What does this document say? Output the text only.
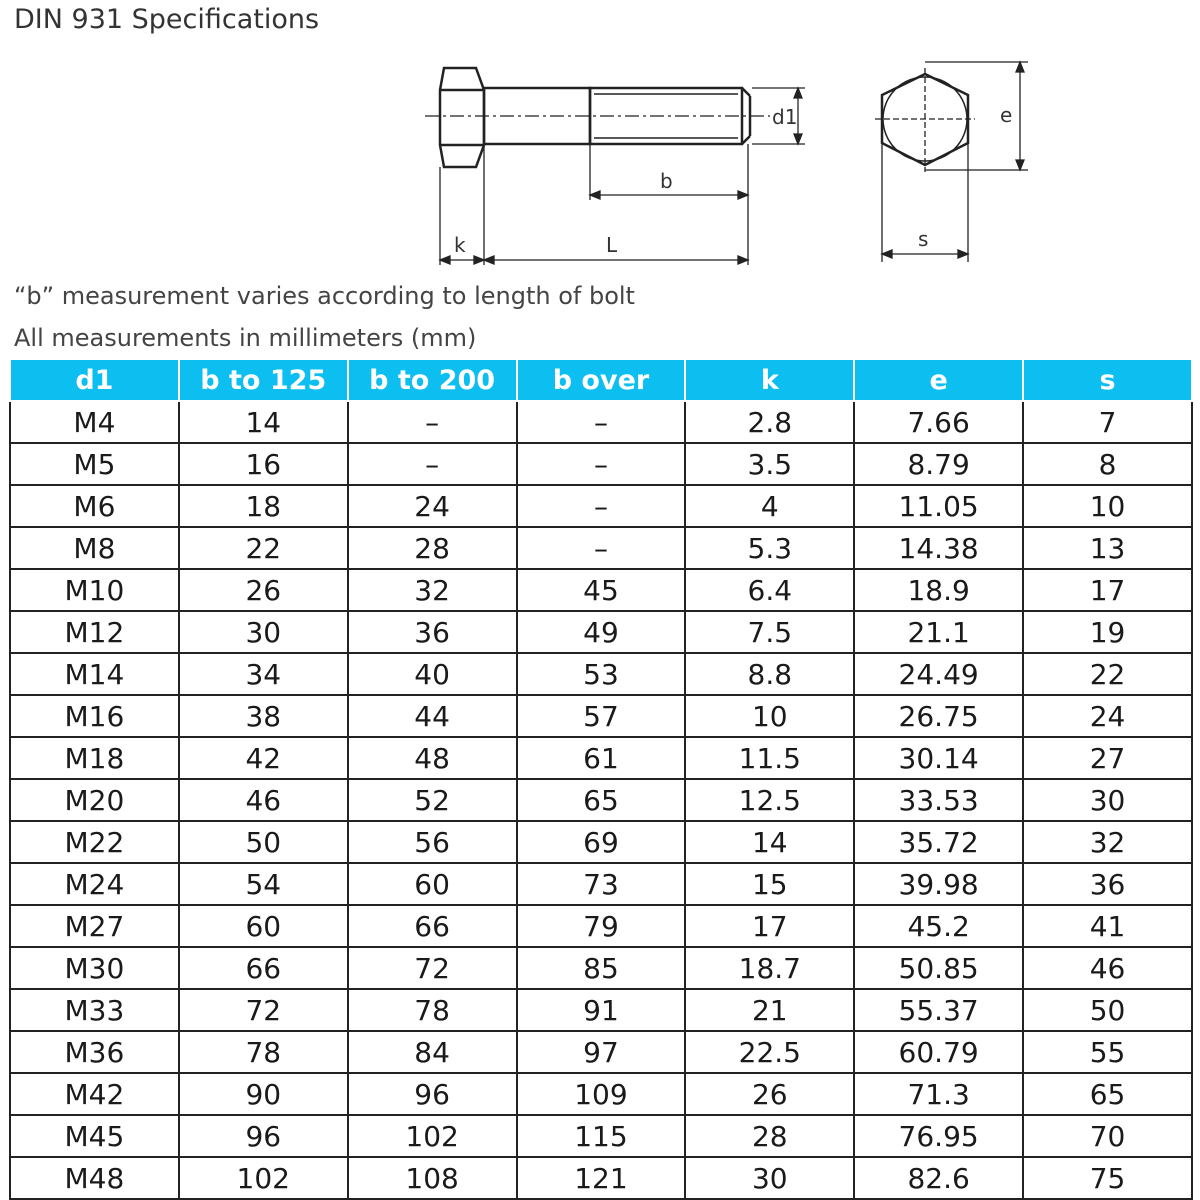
DIN 931 Specifications
d1
b
k	L
e
s
“b” measurement varies according to length of bolt
All measurements in millimeters (mm)
d1	b to 125	b to 200	b over	k	e	s
M4	14	–	–	2.8	7.66	7
M5	16	–	–	3.5	8.79	8
M6	18	24	–	4	11.05	10
M8	22	28	–	5.3	14.38	13
M10	26	32	45	6.4	18.9	17
M12	30	36	49	7.5	21.1	19
M14	34	40	53	8.8	24.49	22
M16	38	44	57	10	26.75	24
M18	42	48	61	11.5	30.14	27
M20	46	52	65	12.5	33.53	30
M22	50	56	69	14	35.72	32
M24	54	60	73	15	39.98	36
M27	60	66	79	17	45.2	41
M30	66	72	85	18.7	50.85	46
M33	72	78	91	21	55.37	50
M36	78	84	97	22.5	60.79	55
M42	90	96	109	26	71.3	65
M45	96	102	115	28	76.95	70
M48	102	108	121	30	82.6	75
